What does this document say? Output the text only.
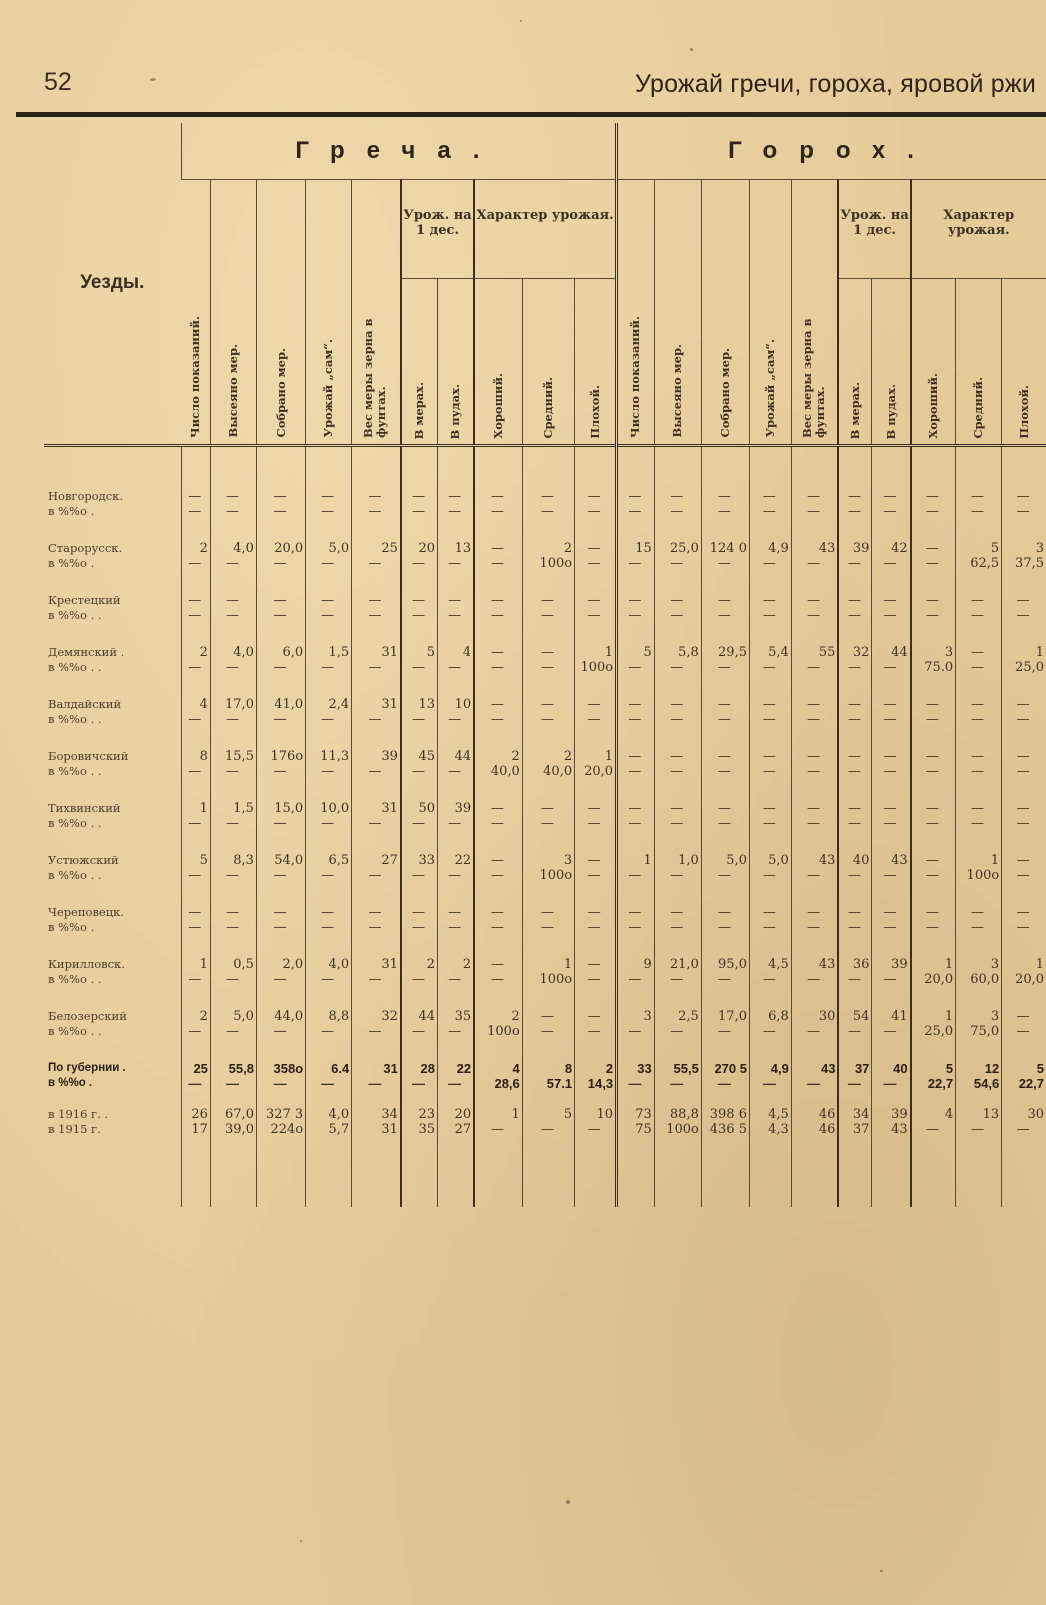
52	Урожай гречи, гороха, яровой ржи
Уезды.	Греча.										Горох.									

	Число показаний.	Высеяно мер.	Собрано мер.	Урожай „сам“.	Вес меры зерна в фунтах.	Урож. на 1 дес.		Характер урожая.			Число показаний.	Высеяно мер.	Собрано мер.	Урожай „сам“.	Вес меры зерна в фунтах.	Урож. на 1 дес.		Характер урожая.		

						В мерах.	В пудах.	Хороший.	Средний.	Плохой.						В мерах.	В пудах.	Хороший.	Средний.	Плохой.

Новгородск.	—	—	—	—	—	—	—	—	—	—	—	—	—	—	—	—	—	—	—	—
в %%о .	—	—	—	—	—	—	—	—	—	—	—	—	—	—	—	—	—	—	—	—

Старорусск.	2	4,0	20,0	5,0	25	20	13	—	2	—	15	25,0	124 0	4,9	43	39	42	—	5	3
в %%о .	—	—	—	—	—	—	—	—	100о	—	—	—	—	—	—	—	—	—	62,5	37,5

Крестецкий	—	—	—	—	—	—	—	—	—	—	—	—	—	—	—	—	—	—	—	—
в %%о . .	—	—	—	—	—	—	—	—	—	—	—	—	—	—	—	—	—	—	—	—

Демянский .	2	4,0	6,0	1,5	31	5	4	—	—	1	5	5,8	29,5	5,4	55	32	44	3	—	1
в %%о . .	—	—	—	—	—	—	—	—	—	100о	—	—	—	—	—	—	—	75.0	—	25,0

Валдайский	4	17,0	41,0	2,4	31	13	10	—	—	—	—	—	—	—	—	—	—	—	—	—
в %%о . .	—	—	—	—	—	—	—	—	—	—	—	—	—	—	—	—	—	—	—	—

Боровичский	8	15,5	176о	11,3	39	45	44	2	2	1	—	—	—	—	—	—	—	—	—	—
в %%о . .	—	—	—	—	—	—	—	40,0	40,0	20,0	—	—	—	—	—	—	—	—	—	—

Тихвинский	1	1,5	15,0	10,0	31	50	39	—	—	—	—	—	—	—	—	—	—	—	—	—
в %%о . .	—	—	—	—	—	—	—	—	—	—	—	—	—	—	—	—	—	—	—	—

Устюжский	5	8,3	54,0	6,5	27	33	22	—	3	—	1	1,0	5,0	5,0	43	40	43	—	1	—
в %%о . .	—	—	—	—	—	—	—	—	100о	—	—	—	—	—	—	—	—	—	100о	—

Череповецк.	—	—	—	—	—	—	—	—	—	—	—	—	—	—	—	—	—	—	—	—
в %%о .	—	—	—	—	—	—	—	—	—	—	—	—	—	—	—	—	—	—	—	—

Кирилловск.	1	0,5	2,0	4,0	31	2	2	—	1	—	9	21,0	95,0	4,5	43	36	39	1	3	1
в %%о . .	—	—	—	—	—	—	—	—	100о	—	—	—	—	—	—	—	—	20,0	60,0	20,0

Белозерский	2	5,0	44,0	8,8	32	44	35	2	—	—	3	2,5	17,0	6,8	30	54	41	1	3	—
в %%о . .	—	—	—	—	—	—	—	100о	—	—	—	—	—	—	—	—	—	25,0	75,0	—

По губернии .	25	55,8	358о	6.4	31	28	22	4	8	2	33	55,5	270 5	4,9	43	37	40	5	12	5
в %%о .	—	—	—	—	—	—	—	28,6	57.1	14,3	—	—	—	—	—	—	—	22,7	54,6	22,7

в 1916 г. .	26	67,0	327 3	4,0	34	23	20	1	5	10	73	88,8	398 6	4,5	46	34	39	4	13	30
в 1915 г.	17	39,0	224о	5,7	31	35	27	—	—	—	75	100о	436 5	4,3	46	37	43	—	—	—
